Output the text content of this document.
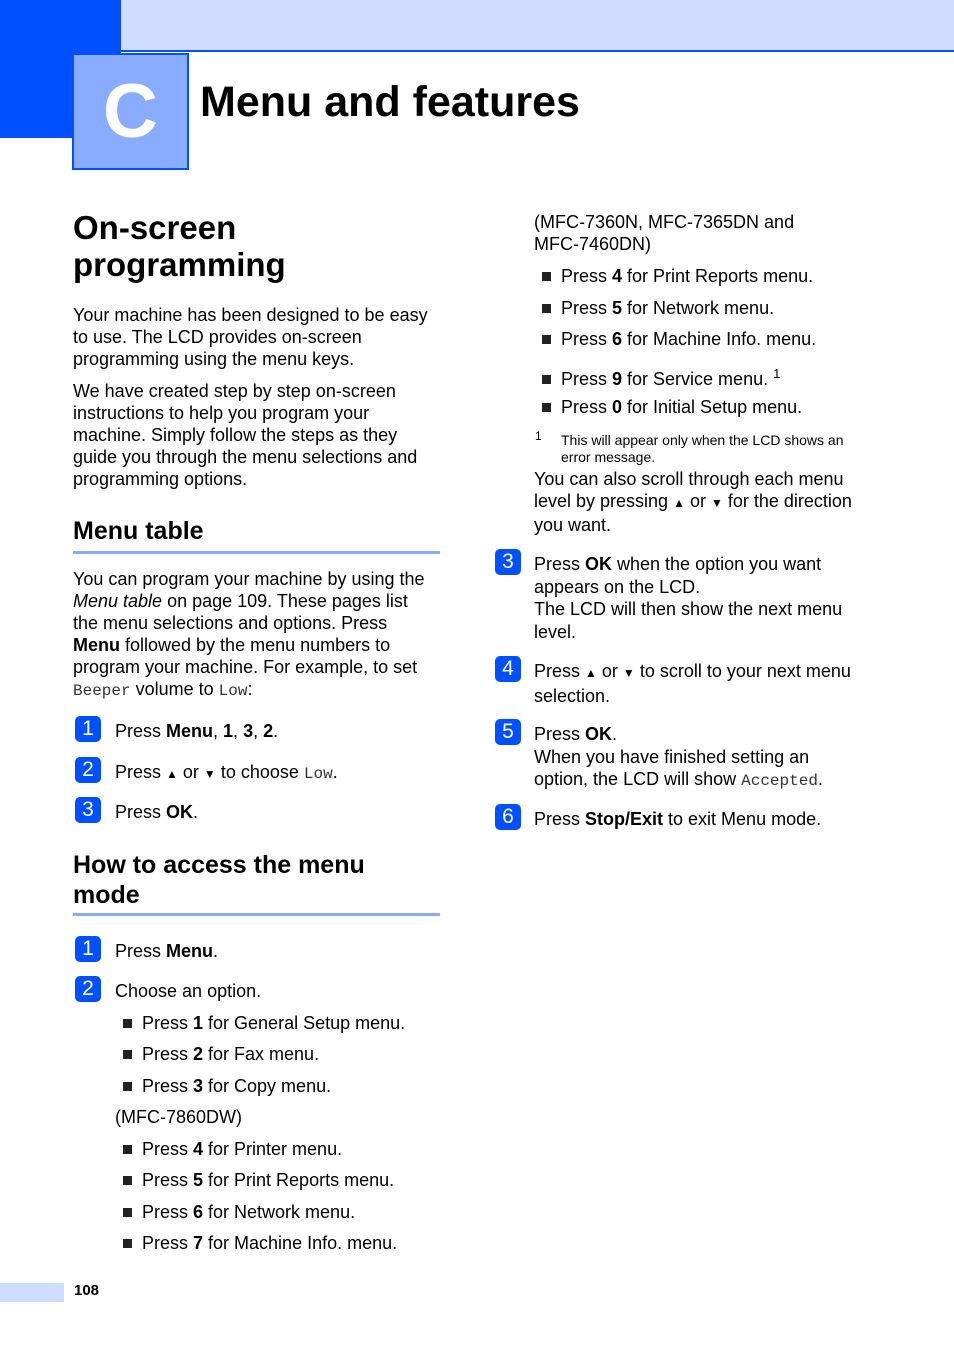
C Menu and features
On-screen
programming
Your machine has been designed to be easy
to use. The LCD provides on-screen
programming using the menu keys.
We have created step by step on-screen
instructions to help you program your
machine. Simply follow the steps as they
guide you through the menu selections and
programming options.
Menu table
You can program your machine by using the
Menu table on page 109. These pages list
the menu selections and options. Press
Menu followed by the menu numbers to
program your machine. For example, to set
Beeper volume to Low:
1	Press Menu, 1, 3, 2.
2	Press ▲ or ▼ to choose Low.
3	Press OK.
How to access the menu
mode
1	Press Menu.
2	Choose an option.
Press 1 for General Setup menu.
Press 2 for Fax menu.
Press 3 for Copy menu.
(MFC-7860DW)
Press 4 for Printer menu.
Press 5 for Print Reports menu.
Press 6 for Network menu.
Press 7 for Machine Info. menu.
(MFC-7360N, MFC-7365DN and
MFC-7460DN)
Press 4 for Print Reports menu.
Press 5 for Network menu.
Press 6 for Machine Info. menu.
Press 9 for Service menu. $^1$
Press 0 for Initial Setup menu.
1 This will appear only when the LCD shows an
error message.
You can also scroll through each menu
level by pressing ▲ or ▼ for the direction
you want.
3	Press OK when the option you want
appears on the LCD.
The LCD will then show the next menu
level.
4	Press ▲ or ▼ to scroll to your next menu
selection.
5	Press OK.
When you have finished setting an
option, the LCD will show Accepted.
6	Press Stop/Exit to exit Menu mode.
108
